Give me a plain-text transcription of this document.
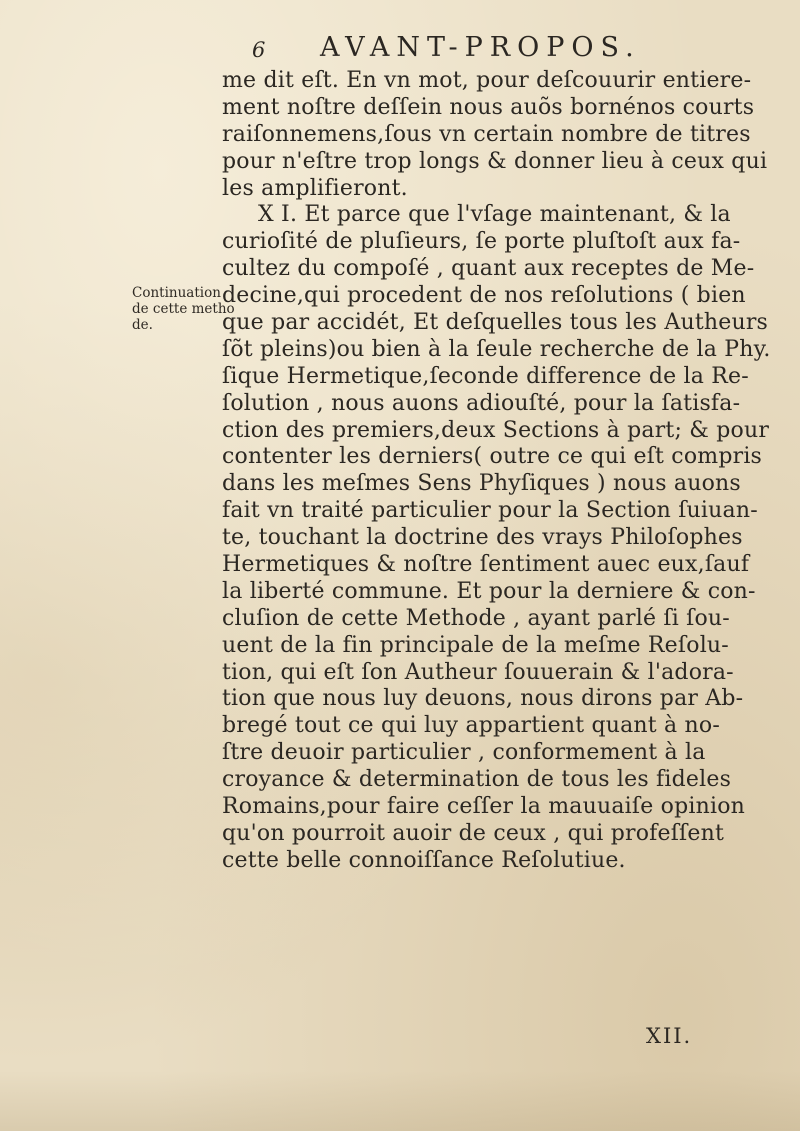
6 AVANT-PROPOS.
Continuation
de cette metho
de.
me dit eſt. En vn mot, pour deſcouurir entiere-
ment noſtre deſſein nous auõs bornénos courts
raiſonnemens,ſous vn certain nombre de titres
pour n'eſtre trop longs & donner lieu à ceux qui
les amplifieront.
X I. Et parce que l'vſage maintenant, & la
curioſité de pluſieurs, ſe porte pluſtoſt aux fa-
cultez du compoſé , quant aux receptes de Me-
decine,qui procedent de nos reſolutions ( bien
que par accidét, Et deſquelles tous les Autheurs
ſõt pleins)ou bien à la ſeule recherche de la Phy.
ſique Hermetique,ſeconde difference de la Re-
ſolution , nous auons adiouſté, pour la ſatisfa-
ction des premiers,deux Sections à part; & pour
contenter les derniers( outre ce qui eſt compris
dans les meſmes Sens Phyſiques ) nous auons
fait vn traité particulier pour la Section ſuiuan-
te, touchant la doctrine des vrays Philoſophes
Hermetiques & noſtre ſentiment auec eux,ſauf
la liberté commune. Et pour la derniere & con-
cluſion de cette Methode , ayant parlé ſi ſou-
uent de la fin principale de la meſme Reſolu-
tion, qui eſt ſon Autheur ſouuerain & l'adora-
tion que nous luy deuons, nous dirons par Ab-
bregé tout ce qui luy appartient quant à no-
ſtre deuoir particulier , conformement à la
croyance & determination de tous les fideles
Romains,pour faire ceſſer la mauuaiſe opinion
qu'on pourroit auoir de ceux , qui profeſſent
cette belle connoiſſance Reſolutiue.
XII.
